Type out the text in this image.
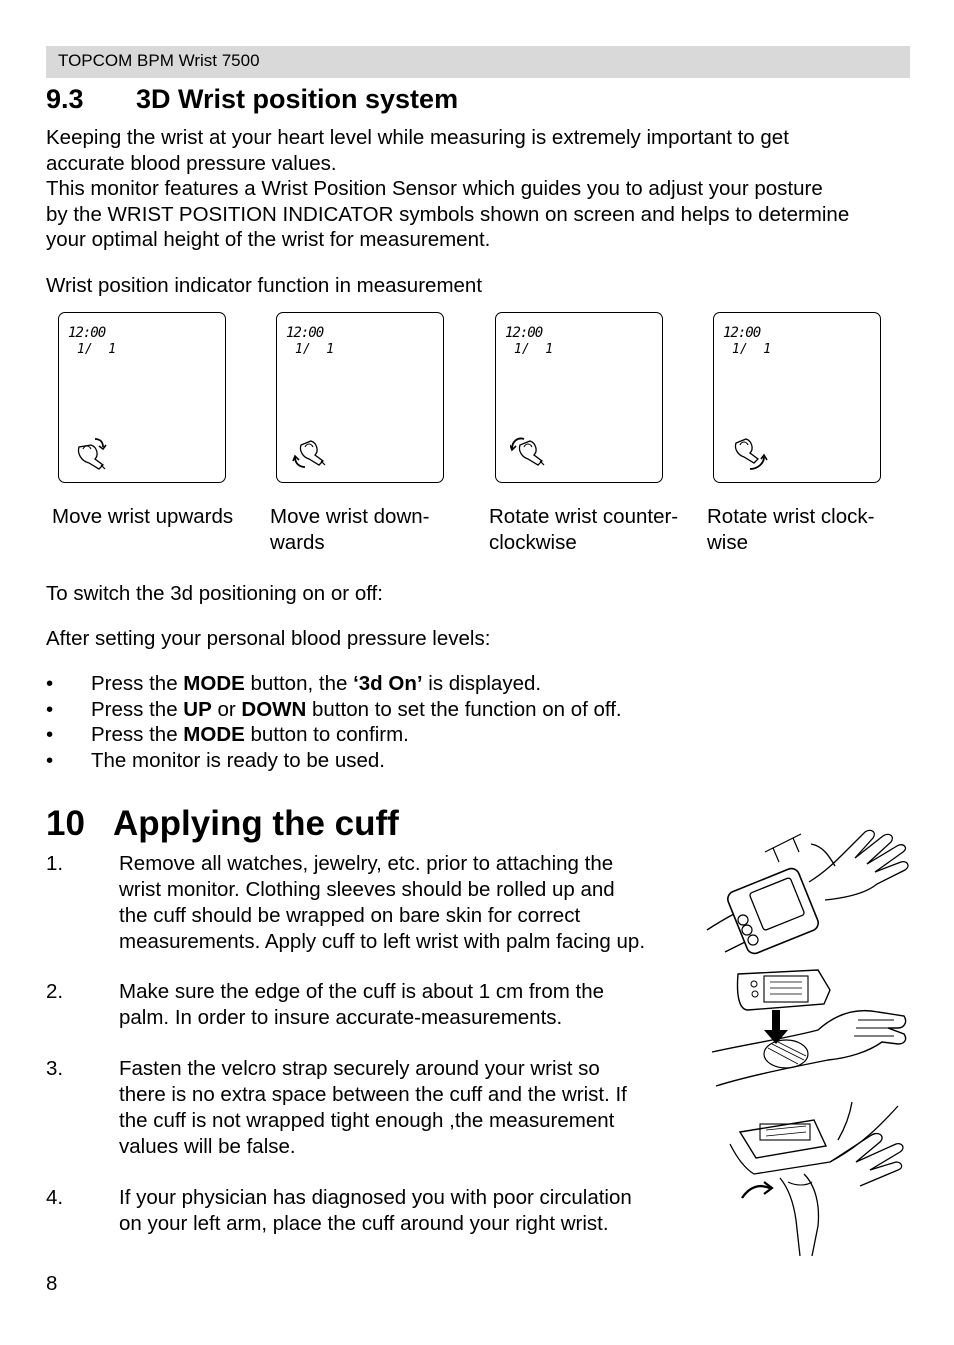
TOPCOM BPM Wrist 7500
9.3 3D Wrist position system
Keeping the wrist at your heart level while measuring is extremely important to get
accurate blood pressure values.
This monitor features a Wrist Position Sensor which guides you to adjust your posture
by the WRIST POSITION INDICATOR symbols shown on screen and helps to determine
your optimal height of the wrist for measurement.
Wrist position indicator function in measurement
12:00
1/  1
12:00
1/  1
12:00
1/  1
12:00
1/  1
Move wrist upwards	Move wrist down-
wards
Rotate wrist counter-
clockwise
Rotate wrist clock-
wise
To switch the 3d positioning on or off:
After setting your personal blood pressure levels:
•	Press the MODE button, the ‘3d On’ is displayed.
•	Press the UP or DOWN button to set the function on of off.
•	Press the MODE button to confirm.
•	The monitor is ready to be used.
10 Applying the cuff
1.	Remove all watches, jewelry, etc. prior to attaching the
wrist monitor. Clothing sleeves should be rolled up and
the cuff should be wrapped on bare skin for correct
measurements. Apply cuff to left wrist with palm facing up.
2.	Make sure the edge of the cuff is about 1 cm from the
palm. In order to insure accurate-measurements.
3.	Fasten the velcro strap securely around your wrist so
there is no extra space between the cuff and the wrist. If
the cuff is not wrapped tight enough ,the measurement
values will be false.
4.	If your physician has diagnosed you with poor circulation
on your left arm, place the cuff around your right wrist.
8
